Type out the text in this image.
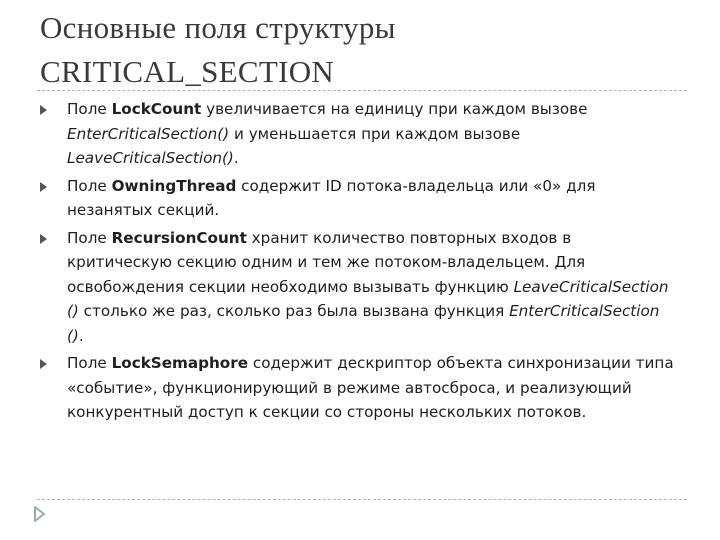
Основные поля структуры
CRITICAL_SECTION
Поле LockCount увеличивается на единицу при каждом вызове EnterCriticalSection() и уменьшается при каждом вызове LeaveCriticalSection().
Поле OwningThread содержит ID потока-владельца или «0» для незанятых секций.
Поле RecursionCount хранит количество повторных входов в критическую секцию одним и тем же потоком-владельцем. Для освобождения секции необходимо вызывать функцию LeaveCriticalSection () столько же раз, сколько раз была вызвана функция EnterCriticalSection ().
Поле LockSemaphore содержит дескриптор объекта синхронизации типа «событие», функционирующий в режиме автосброса, и реализующий конкурентный доступ к секции со стороны нескольких потоков.
